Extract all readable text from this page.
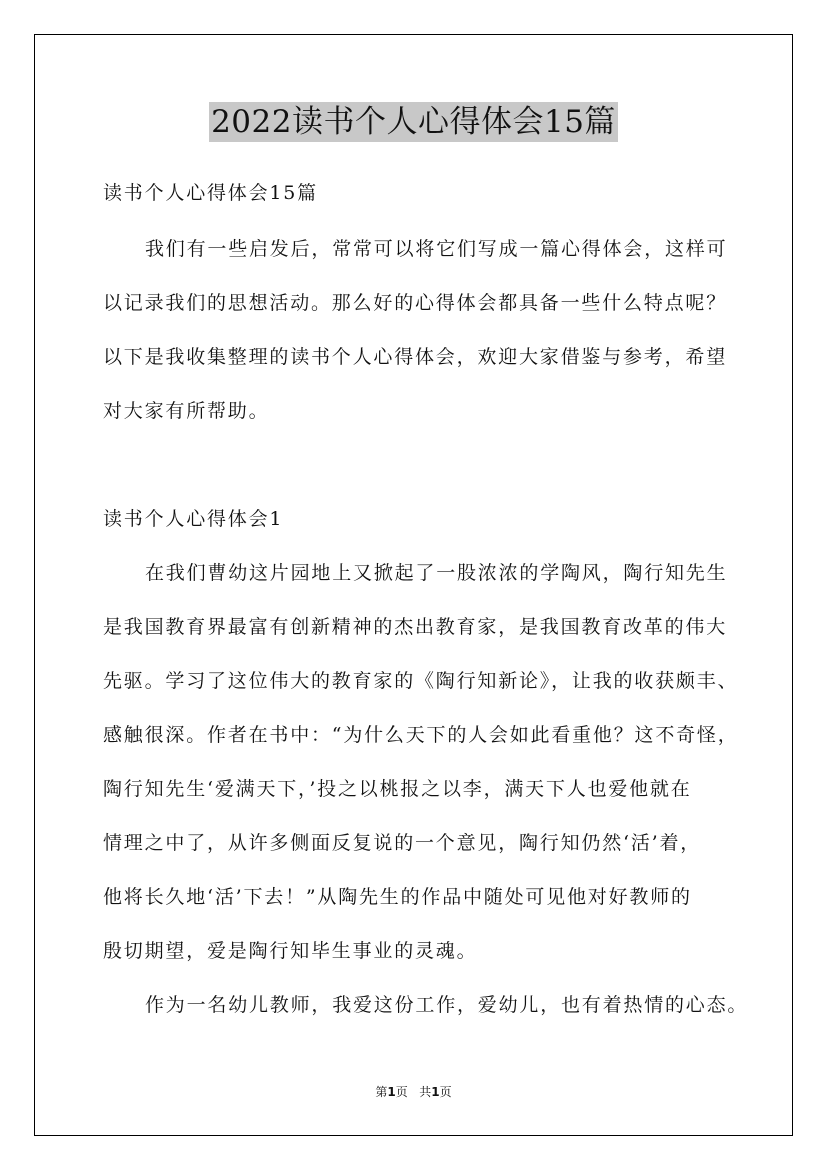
2022读书个人心得体会15篇
读书个人心得体会15篇
我们有一些启发后，常常可以将它们写成一篇心得体会，这样可
以记录我们的思想活动。那么好的心得体会都具备一些什么特点呢？
以下是我收集整理的读书个人心得体会，欢迎大家借鉴与参考，希望
对大家有所帮助。
读书个人心得体会1
在我们曹幼这片园地上又掀起了一股浓浓的学陶风，陶行知先生
是我国教育界最富有创新精神的杰出教育家，是我国教育改革的伟大
先驱。学习了这位伟大的教育家的《陶行知新论》，让我的收获颇丰、
感触很深。作者在书中：“为什么天下的人会如此看重他？这不奇怪，
陶行知先生‘爱满天下，’投之以桃报之以李，满天下人也爱他就在
情理之中了，从许多侧面反复说的一个意见，陶行知仍然‘活’着，
他将长久地‘活’下去！”从陶先生的作品中随处可见他对好教师的
殷切期望，爱是陶行知毕生事业的灵魂。
作为一名幼儿教师，我爱这份工作，爱幼儿，也有着热情的心态。
第1页 共1页
